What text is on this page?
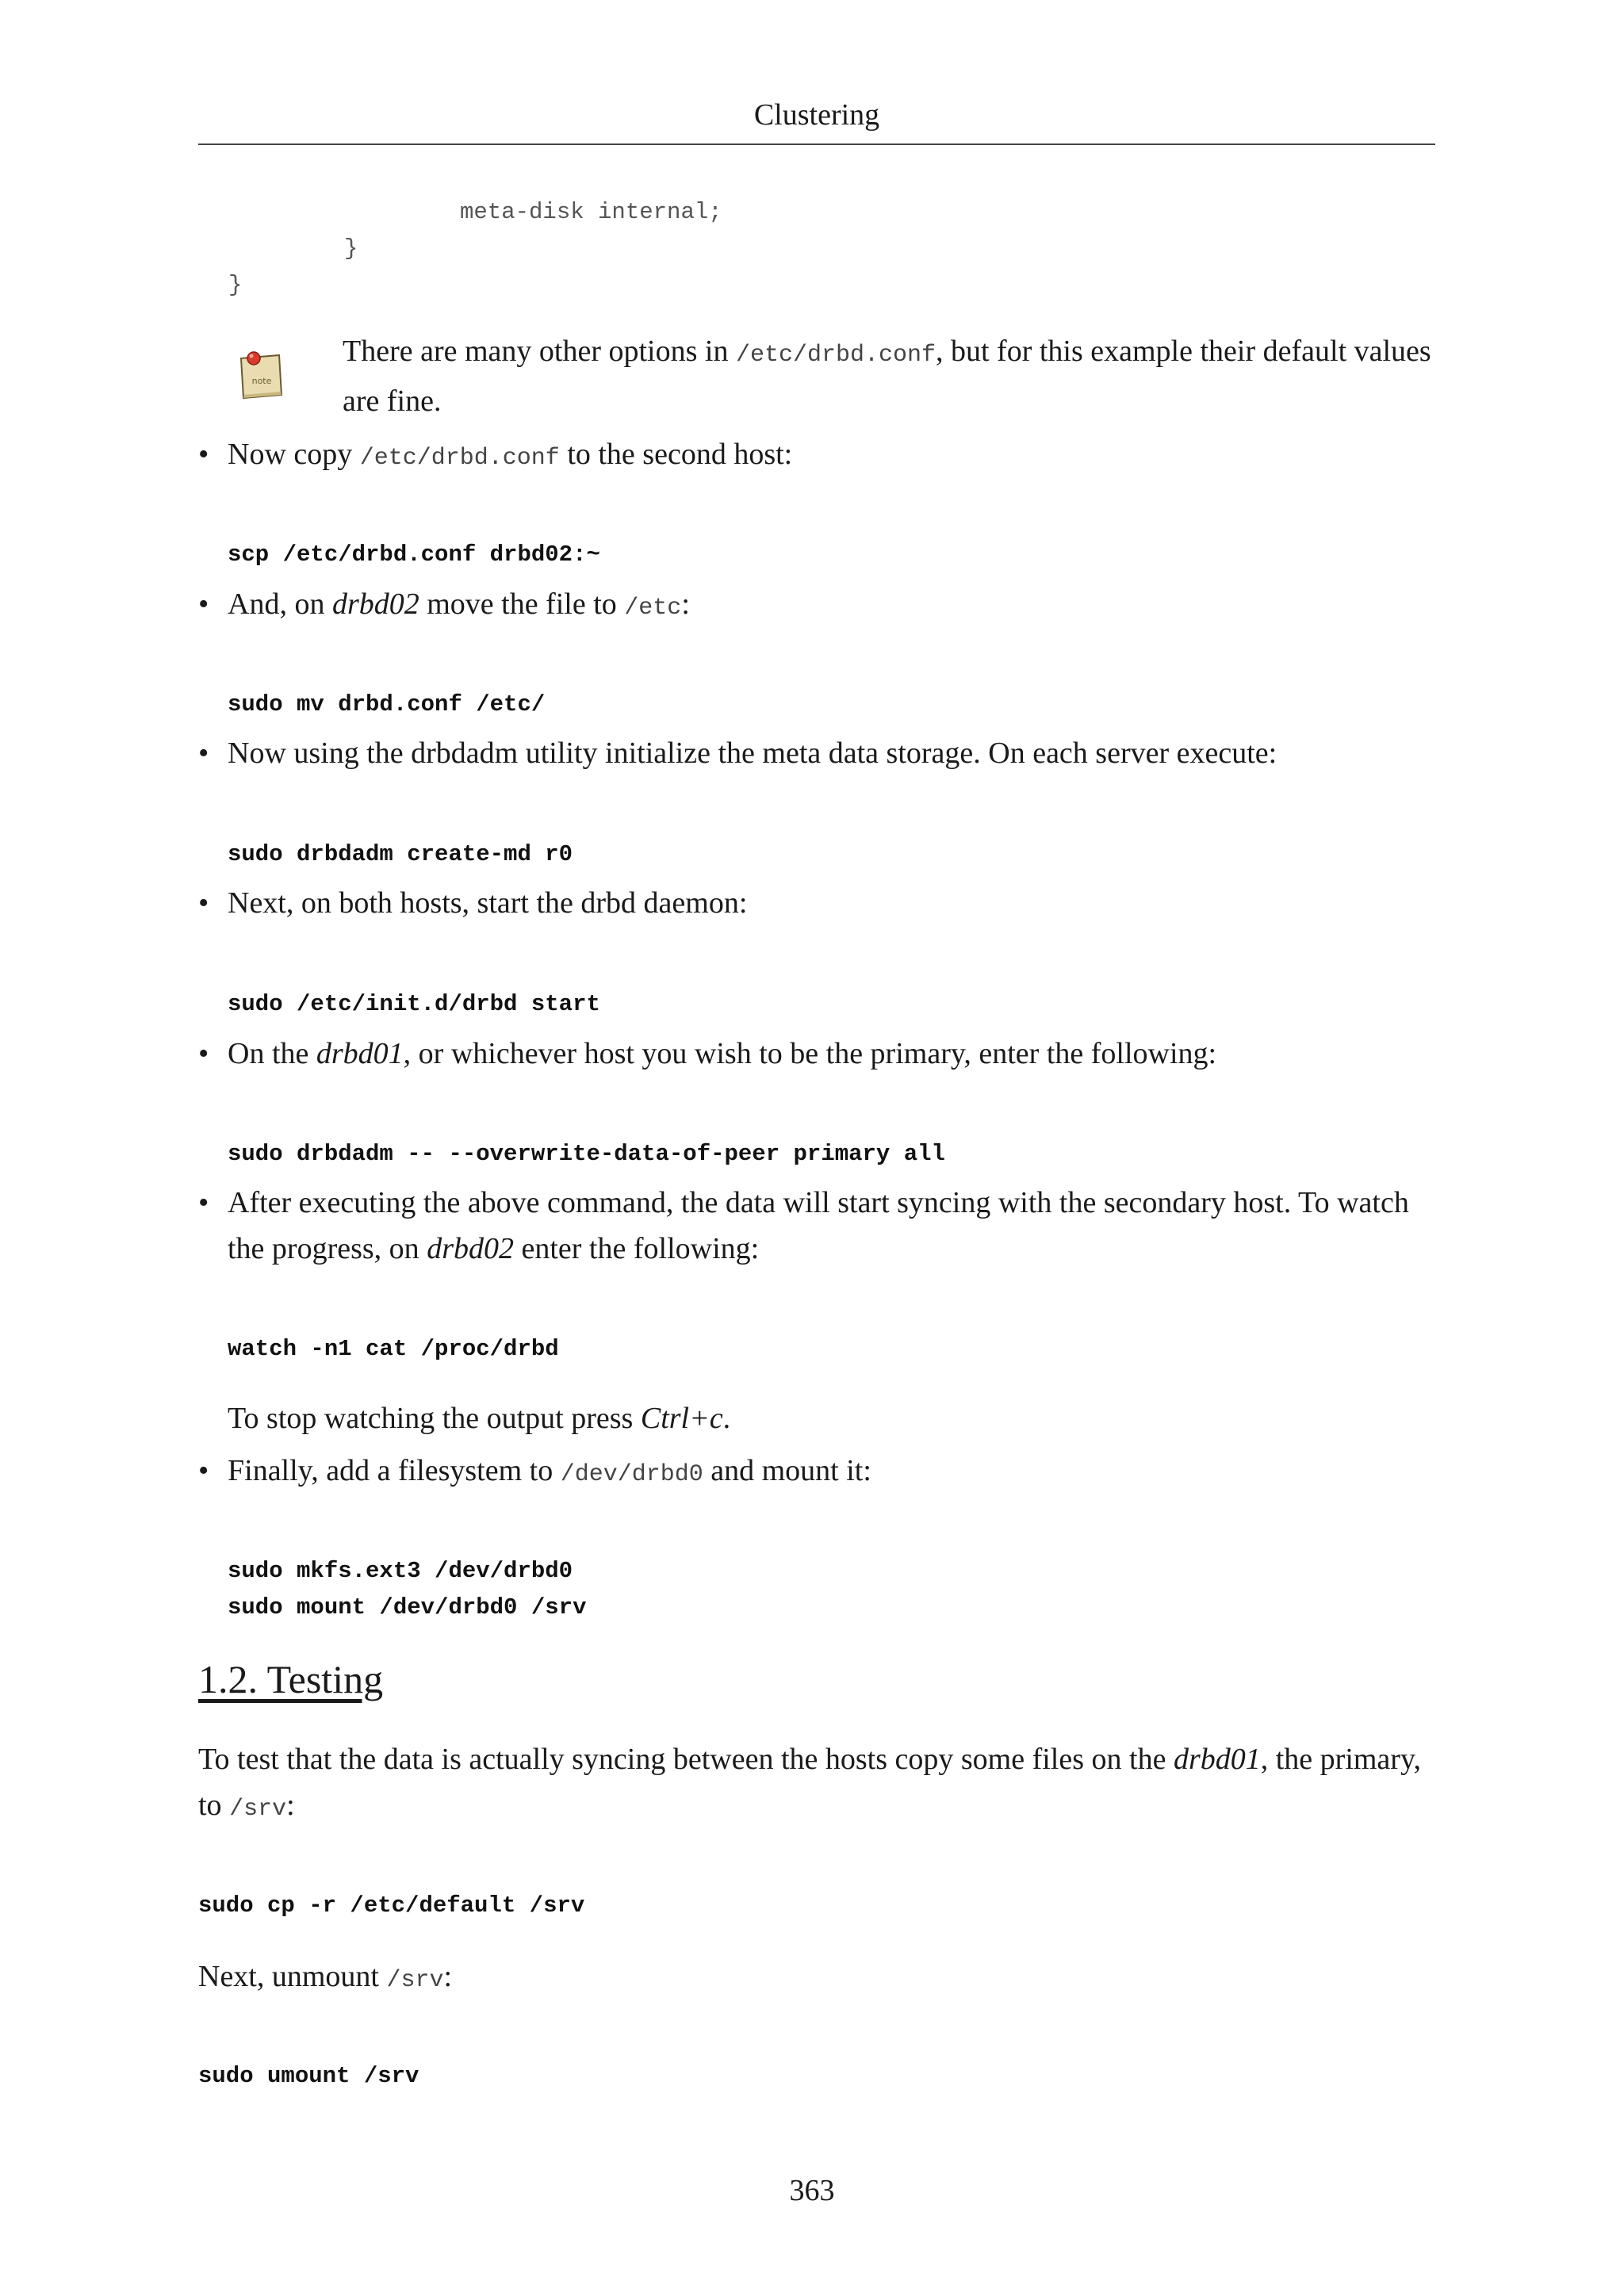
Clustering
meta-disk internal;
}
}
note
There are many other options in /etc/drbd.conf, but for this example their default values are fine.
• Now copy /etc/drbd.conf to the second host:
scp /etc/drbd.conf drbd02:~
• And, on drbd02 move the file to /etc:
sudo mv drbd.conf /etc/
• Now using the drbdadm utility initialize the meta data storage. On each server execute:
sudo drbdadm create-md r0
• Next, on both hosts, start the drbd daemon:
sudo /etc/init.d/drbd start
• On the drbd01, or whichever host you wish to be the primary, enter the following:
sudo drbdadm -- --overwrite-data-of-peer primary all
• After executing the above command, the data will start syncing with the secondary host. To watch the progress, on drbd02 enter the following:
watch -n1 cat /proc/drbd
To stop watching the output press Ctrl+c.
• Finally, add a filesystem to /dev/drbd0 and mount it:
sudo mkfs.ext3 /dev/drbd0
sudo mount /dev/drbd0 /srv
1.2. Testing
To test that the data is actually syncing between the hosts copy some files on the drbd01, the primary, to /srv:
sudo cp -r /etc/default /srv
Next, unmount /srv:
sudo umount /srv
363
